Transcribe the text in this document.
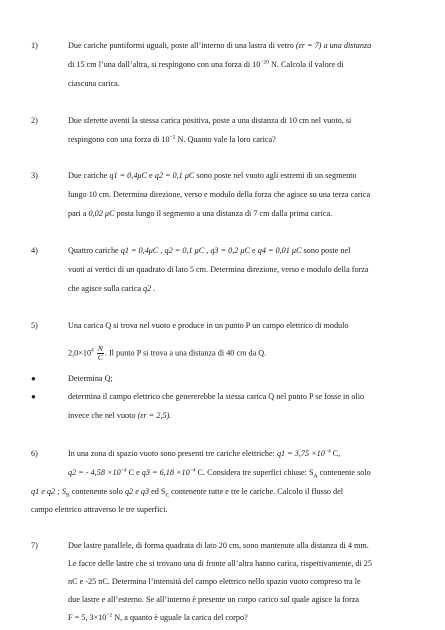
1)	Due cariche puntiformi uguali, poste all’interno di una lastra di vetro (εr = 7) a una distanza
di 15 cm l’una dall’altra, si respingono con una forza di $10^{-20}$ N. Calcola il valore di
ciascuna carica.
2)	Due sferette aventi la stessa carica positiva, poste a una distanza di 10 cm nel vuoto, si
respingono con una forza di $10^{-2}$ N. Quanto vale la loro carica?
3)	Due cariche q1 = 0,4μC e q2 = 0,1 μC sono poste nel vuoto agli estremi di un segmento
lungo 10 cm. Determina direzione, verso e modulo della forza che agisce su una terza carica
pari a 0,02 μC posta lungo il segmento a una distanza di 7 cm dalla prima carica.
4)	Quattro cariche q1 = 0,4μC , q2 = 0,1 μC , q3 = 0,2 μC e q4 = 0,01 μC sono poste nel
vuoti ai vertici di un quadrato di lato 5 cm. Determina direzione, verso e modulo della forza
che agisce sulla carica q2 .
5)	Una carica Q si trova nel vuoto e produce in un punto P un campo elettrico di modulo
$2,0\times 10^4 \frac{N}{C}$ . Il punto P si trova a una distanza di 40 cm da Q.
●	Determina Q;
●	determina il campo elettrico che genererebbe la stessa carica Q nel punto P se fosse in olio
invece che nel vuoto (εr = 2,5).
6)	In una zona di spazio vuoto sono presenti tre cariche elettriche: $q1 = 3,75 \times 10^{-4}$ C,
q2 = - $4,58 \times 10^{-4}$ C e $q3 = 6,18 \times 10^{-4}$ C. Considera tre superfici chiuse: $S_A$ contenente solo
q1 e q2 ; $S_B$ contenente solo q2 e q3 ed $S_C$ contenente tutte e tre le cariche. Calcolo il flusso del
campo elettrico attraverso le tre superfici.
7)	Due lastre parallele, di forma quadrata di lato 20 cm, sono mantenute alla distanza di 4 mm.
Le facce delle lastre che si trovano una di fronte all’altra hanno carica, rispettivamente, di 25
nC e -25 nC. Determina l’intensità del campo elettrico nello spazio vuoto compreso tra le
due lastre e all’esterno. Se all’interno è presente un corpo carico sul quale agisce la forza
F = 5, $3\times 10^{-2}$ N, a quanto è uguale la carica del corpo?
